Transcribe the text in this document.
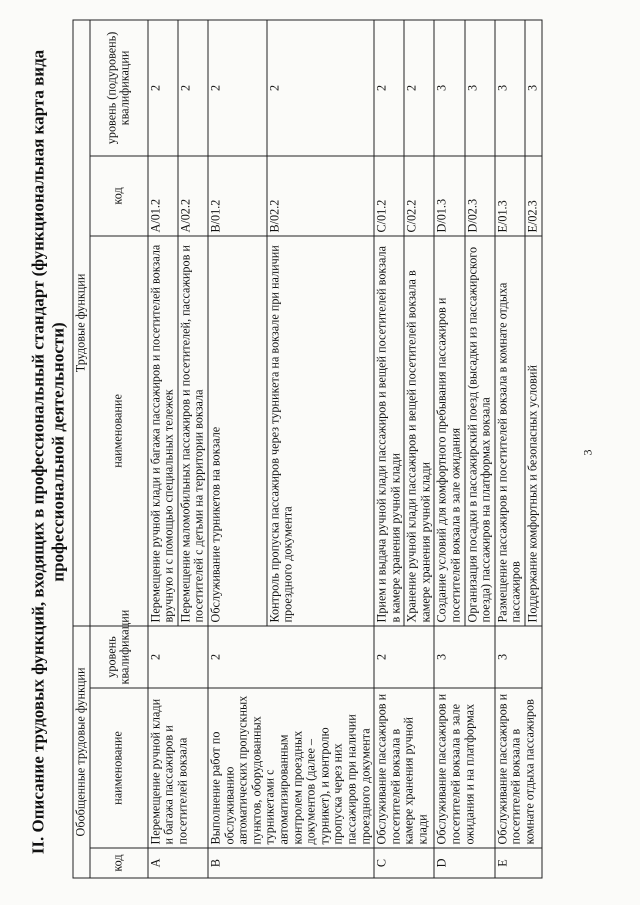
II. Описание трудовых функций, входящих в профессиональный стандарт (функциональная карта вида профессиональной деятельности)
Обобщенные трудовые функции			Трудовые функции		
код	наименование	уровень квалификации	наименование	код	уровень (подуровень) квалификации
A	Перемещение ручной клади и багажа пассажиров и посетителей вокзала	2	Перемещение ручной клади и багажа пассажиров и посетителей вокзала вручную и с помощью специальных тележек	A/01.2	2
			Перемещение маломобильных пассажиров и посетителей, пассажиров и посетителей с детьми на территории вокзала	A/02.2	2
B	Выполнение работ по обслуживанию автоматических пропускных пунктов, оборудованных турникетами с автоматизированным контролем проездных документов (далее – турникет), и контролю пропуска через них пассажиров при наличии проездного документа	2	Обслуживание турникетов на вокзале	B/01.2	2
			Контроль пропуска пассажиров через турникета на вокзале при наличии проездного документа	B/02.2	2
C	Обслуживание пассажиров и посетителей вокзала в камере хранения ручной клади	2	Прием и выдача ручной клади пассажиров и вещей посетителей вокзала в камере хранения ручной клади	C/01.2	2
			Хранение ручной клади пассажиров и вещей посетителей вокзала в камере хранения ручной клади	C/02.2	2
D	Обслуживание пассажиров и посетителей вокзала в зале ожидания и на платформах	3	Создание условий для комфортного пребывания пассажиров и посетителей вокзала в зале ожидания	D/01.3	3
			Организация посадки в пассажирский поезд (высадки из пассажирского поезда) пассажиров на платформах вокзала	D/02.3	3
E	Обслуживание пассажиров и посетителей вокзала в комнате отдыха пассажиров	3	Размещение пассажиров и посетителей вокзала в комнате отдыха пассажиров	E/01.3	3
			Поддержание комфортных и безопасных условий	E/02.3	3
3
